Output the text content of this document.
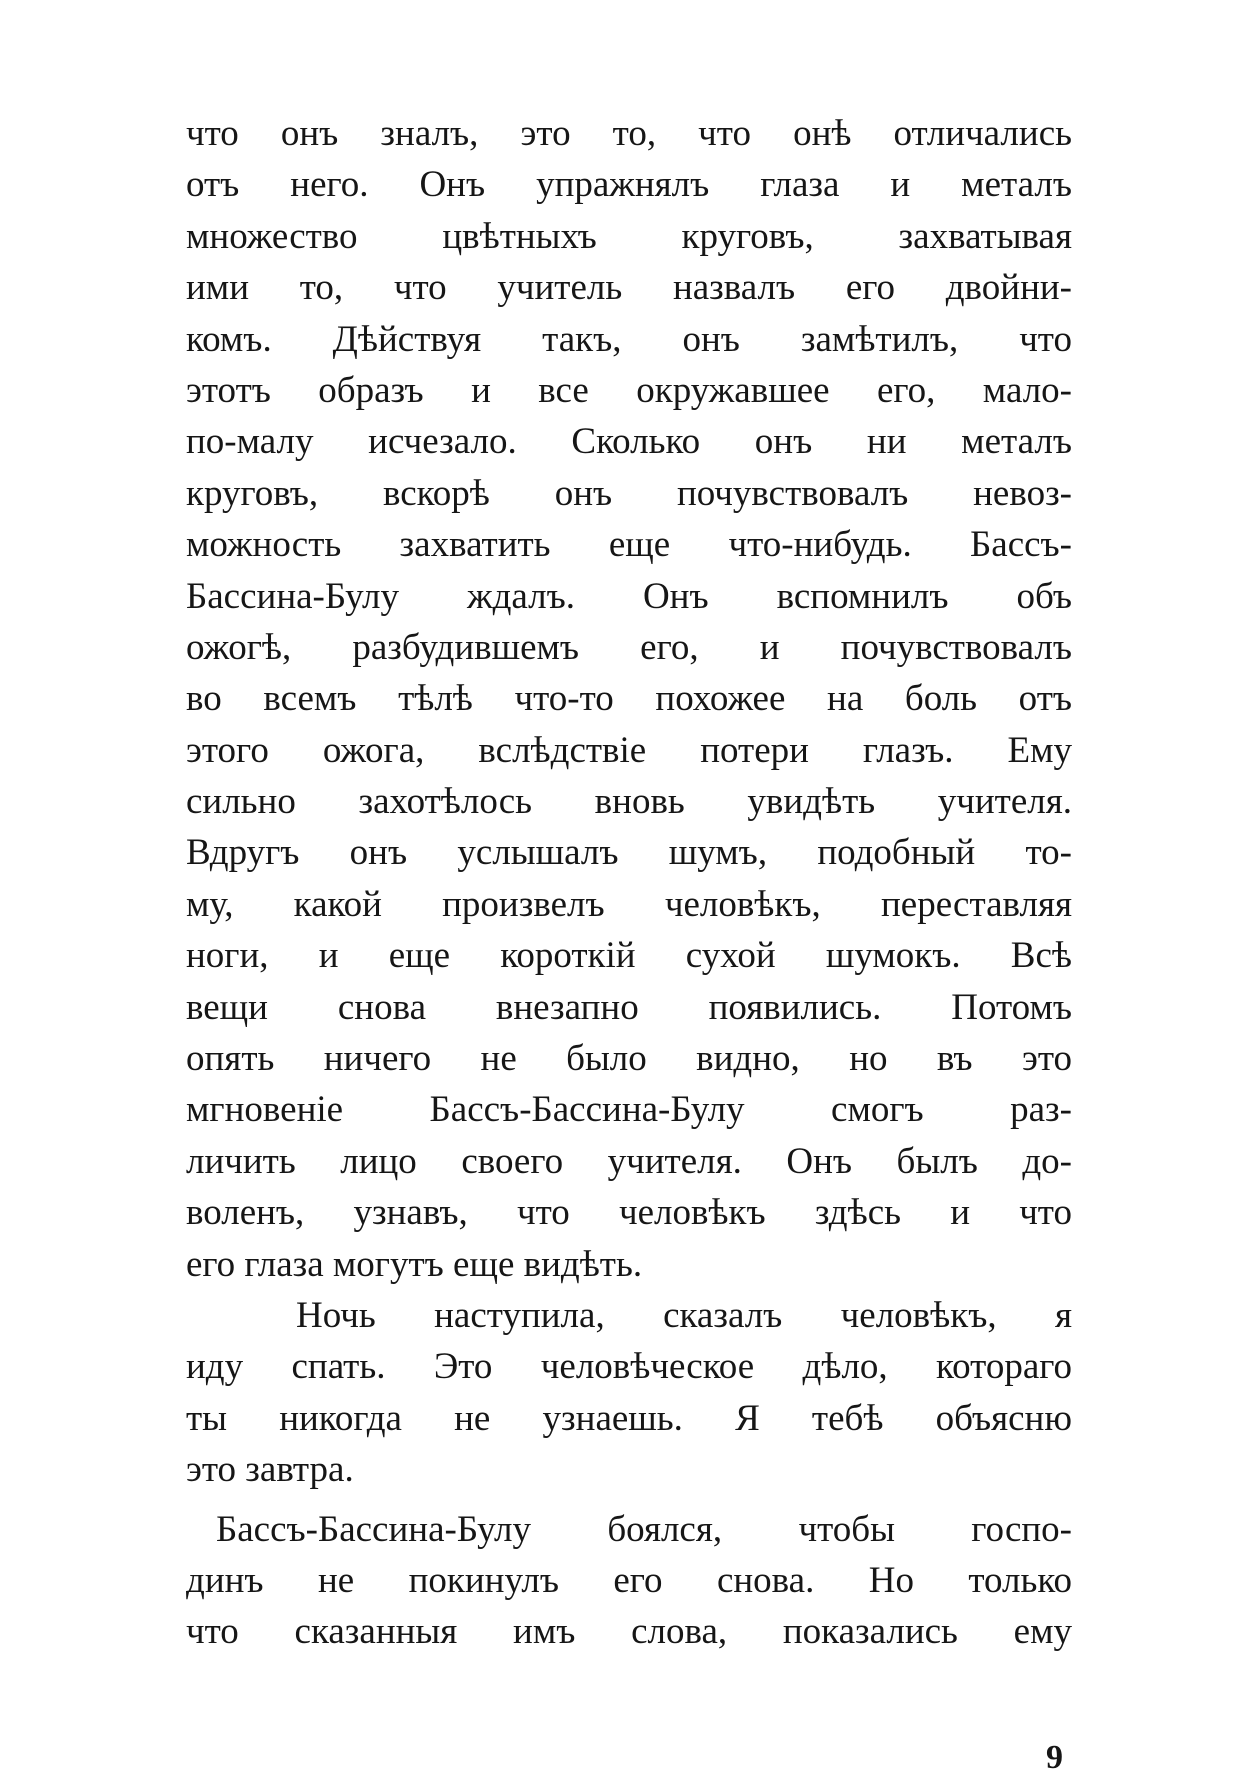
что онъ зналъ, это то, что онѣ отличались
отъ него. Онъ упражнялъ глаза и металъ
множество цвѣтныхъ круговъ, захватывая
ими то, что учитель назвалъ его двойни-
комъ. Дѣйствуя такъ, онъ замѣтилъ, что
этотъ образъ и все окружавшее его, мало-
по-малу исчезало. Сколько онъ ни металъ
круговъ, вскорѣ онъ почувствовалъ невоз-
можность захватить еще что-нибудь. Бассъ-
Бассина-Булу ждалъ. Онъ вспомнилъ объ
ожогѣ, разбудившемъ его, и почувствовалъ
во всемъ тѣлѣ что-то похожее на боль отъ
этого ожога, вслѣдствіе потери глазъ. Ему
сильно захотѣлось вновь увидѣть учителя.
Вдругъ онъ услышалъ шумъ, подобный то-
му, какой произвелъ человѣкъ, переставляя
ноги, и еще короткій сухой шумокъ. Всѣ
вещи снова внезапно появились. Потомъ
опять ничего не было видно, но въ это
мгновеніе Бассъ-Бассина-Булу смогъ раз-
личить лицо своего учителя. Онъ былъ до-
воленъ, узнавъ, что человѣкъ здѣсь и что
его глаза могутъ еще видѣть.
Ночь наступила, сказалъ человѣкъ, я
иду спать. Это человѣческое дѣло, котораго
ты никогда не узнаешь. Я тебѣ объясню
это завтра.
Бассъ-Бассина-Булу боялся, чтобы госпо-
динъ не покинулъ его снова. Но только
что сказанныя имъ слова, показались ему
9
